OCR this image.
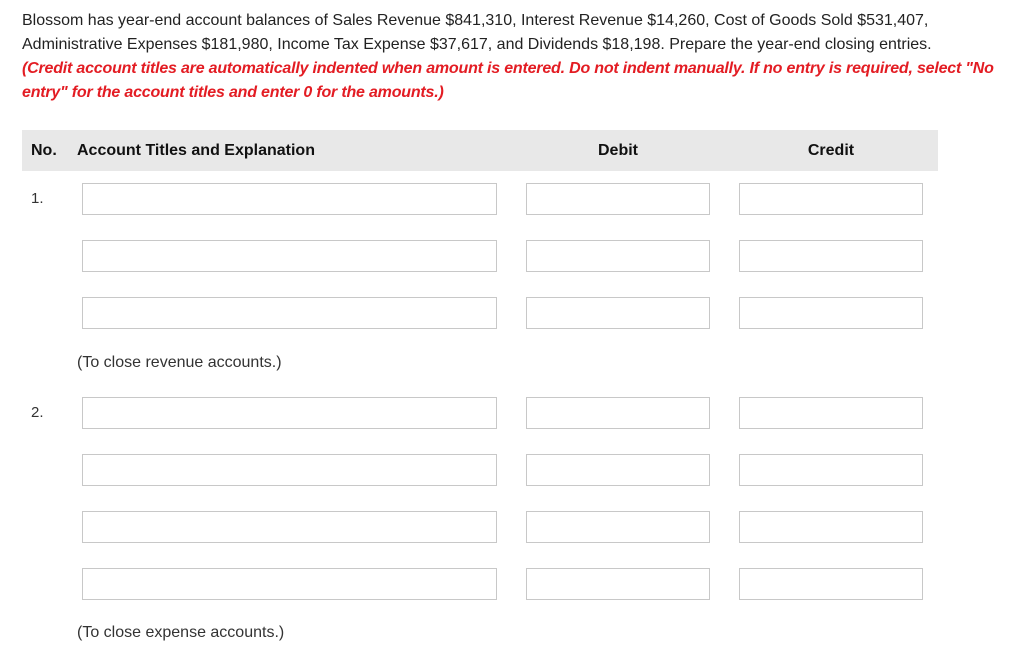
Blossom has year-end account balances of Sales Revenue $841,310, Interest Revenue $14,260, Cost of Goods Sold $531,407, Administrative Expenses $181,980, Income Tax Expense $37,617, and Dividends $18,198. Prepare the year-end closing entries.

(Credit account titles are automatically indented when amount is entered. Do not indent manually. If no entry is required, select "No entry" for the account titles and enter 0 for the amounts.)

No. Account Titles and Explanation	Debit	Credit
1.
(To close revenue accounts.)
2.
(To close expense accounts.)
